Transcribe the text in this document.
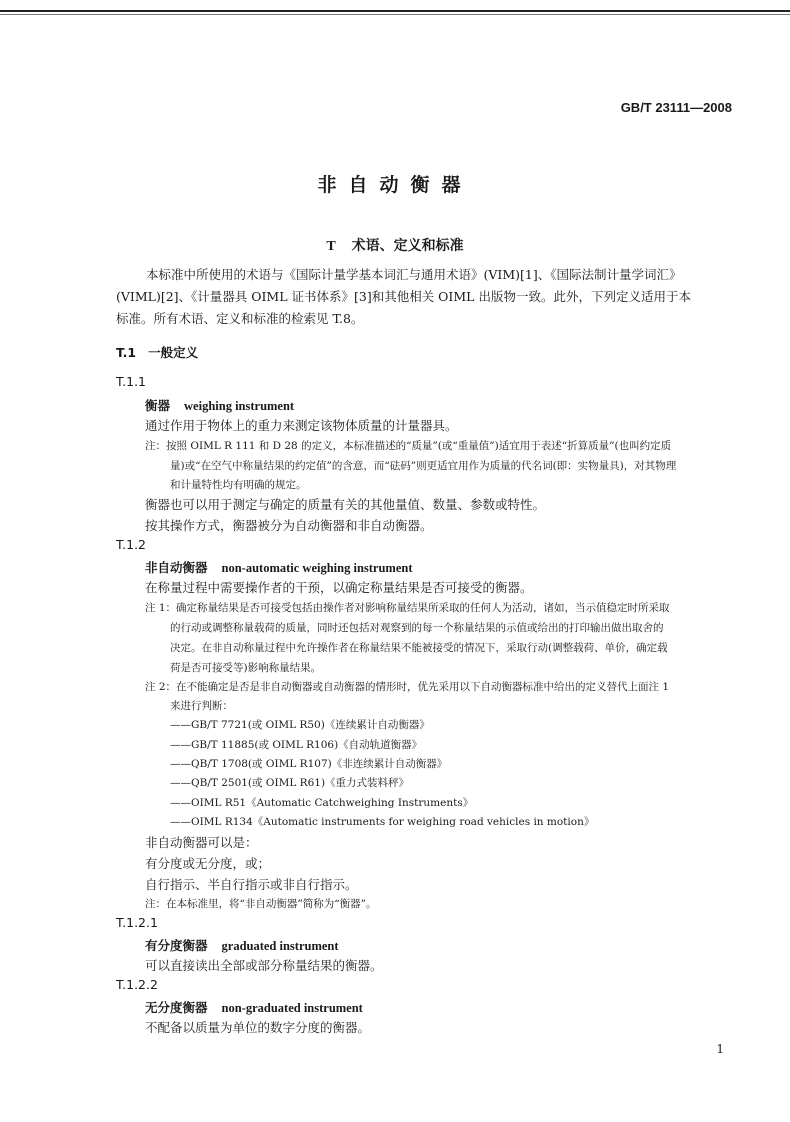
GB/T 23111—2008
非自动衡器
T 术语、定义和标准
本标准中所使用的术语与《国际计量学基本词汇与通用术语》(VIM)[1]、《国际法制计量学词汇》
(VIML)[2]、《计量器具 OIML 证书体系》[3]和其他相关 OIML 出版物一致。此外，下列定义适用于本
标准。所有术语、定义和标准的检索见 T.8。
T.1 一般定义
T.1.1
衡器 weighing instrument
通过作用于物体上的重力来测定该物体质量的计量器具。
注：按照 OIML R 111 和 D 28 的定义，本标准描述的“质量”(或“重量值”)适宜用于表述“折算质量”(也叫约定质
量)或“在空气中称量结果的约定值”的含意，而“砝码”则更适宜用作为质量的代名词(即：实物量具)，对其物理
和计量特性均有明确的规定。
衡器也可以用于测定与确定的质量有关的其他量值、数量、参数或特性。
按其操作方式，衡器被分为自动衡器和非自动衡器。
T.1.2
非自动衡器 non-automatic weighing instrument
在称量过程中需要操作者的干预，以确定称量结果是否可接受的衡器。
注 1：确定称量结果是否可接受包括由操作者对影响称量结果所采取的任何人为活动，诸如，当示值稳定时所采取
的行动或调整称量载荷的质量，同时还包括对观察到的每一个称量结果的示值或给出的打印输出做出取舍的
决定。在非自动称量过程中允许操作者在称量结果不能被接受的情况下，采取行动(调整载荷、单价，确定载
荷是否可接受等)影响称量结果。
注 2：在不能确定是否是非自动衡器或自动衡器的情形时，优先采用以下自动衡器标准中给出的定义替代上面注 1
来进行判断：
——GB/T 7721(或 OIML R50)《连续累计自动衡器》
——GB/T 11885(或 OIML R106)《自动轨道衡器》
——QB/T 1708(或 OIML R107)《非连续累计自动衡器》
——QB/T 2501(或 OIML R61)《重力式装料秤》
——OIML R51《Automatic Catchweighing Instruments》
——OIML R134《Automatic instruments for weighing road vehicles in motion》
非自动衡器可以是：
有分度或无分度，或；
自行指示、半自行指示或非自行指示。
注：在本标准里，将“非自动衡器”简称为“衡器”。
T.1.2.1
有分度衡器 graduated instrument
可以直接读出全部或部分称量结果的衡器。
T.1.2.2
无分度衡器 non-graduated instrument
不配备以质量为单位的数字分度的衡器。
1
